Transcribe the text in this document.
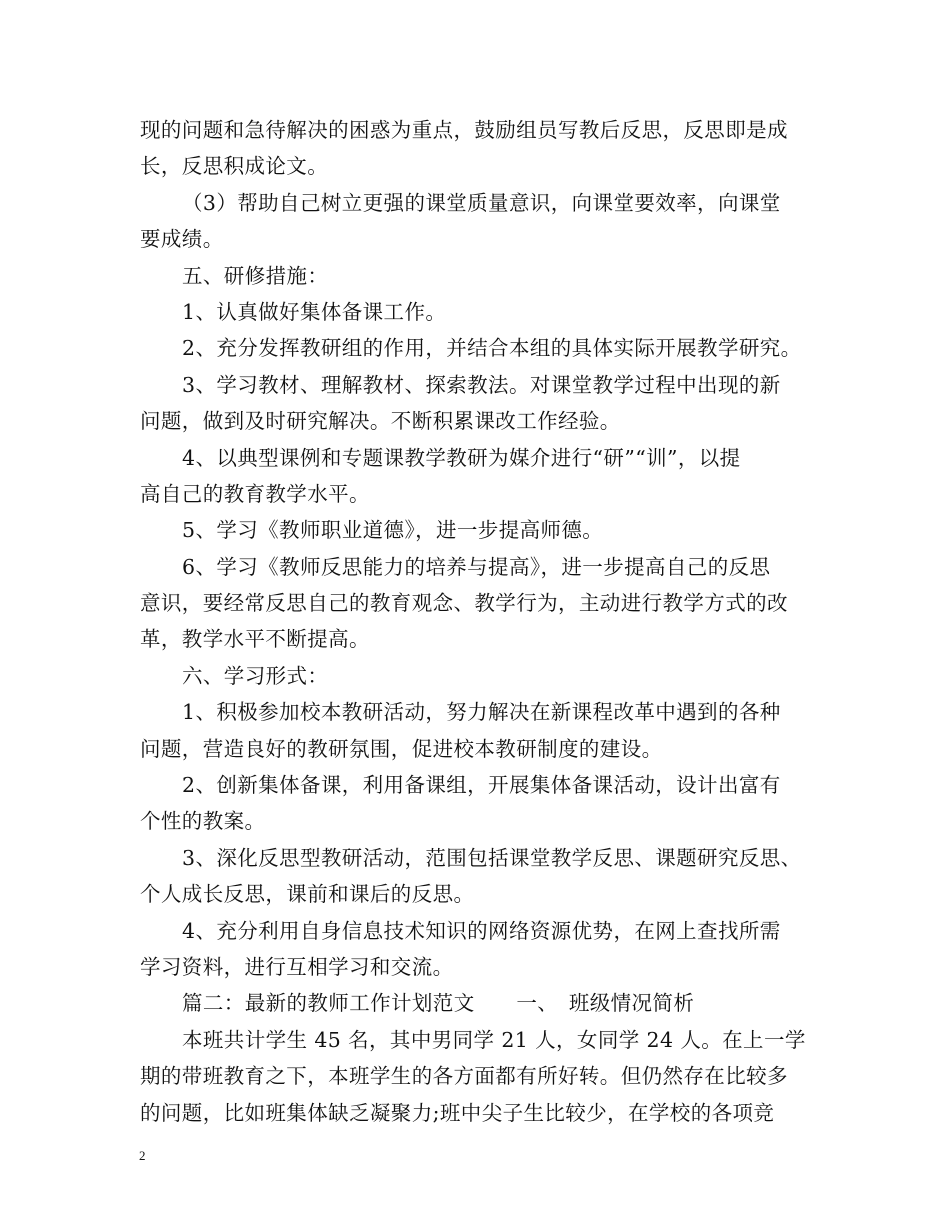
现的问题和急待解决的困惑为重点，鼓励组员写教后反思，反思即是成
长，反思积成论文。
（3）帮助自己树立更强的课堂质量意识，向课堂要效率，向课堂
要成绩。
五、研修措施：
1、认真做好集体备课工作。
2、充分发挥教研组的作用，并结合本组的具体实际开展教学研究。
3、学习教材、理解教材、探索教法。对课堂教学过程中出现的新
问题，做到及时研究解决。不断积累课改工作经验。
4、以典型课例和专题课教学教研为媒介进行“研”“训”，以提
高自己的教育教学水平。
5、学习《教师职业道德》，进一步提高师德。
6、学习《教师反思能力的培养与提高》，进一步提高自己的反思
意识，要经常反思自己的教育观念、教学行为，主动进行教学方式的改
革，教学水平不断提高。
六、学习形式：
1、积极参加校本教研活动，努力解决在新课程改革中遇到的各种
问题，营造良好的教研氛围，促进校本教研制度的建设。
2、创新集体备课，利用备课组，开展集体备课活动，设计出富有
个性的教案。
3、深化反思型教研活动，范围包括课堂教学反思、课题研究反思、
个人成长反思，课前和课后的反思。
4、充分利用自身信息技术知识的网络资源优势，在网上查找所需
学习资料，进行互相学习和交流。
篇二：最新的教师工作计划范文　　一、　班级情况简析
本班共计学生 45 名，其中男同学 21 人，女同学 24 人。在上一学
期的带班教育之下，本班学生的各方面都有所好转。但仍然存在比较多
的问题，比如班集体缺乏凝聚力;班中尖子生比较少，在学校的各项竞
2
